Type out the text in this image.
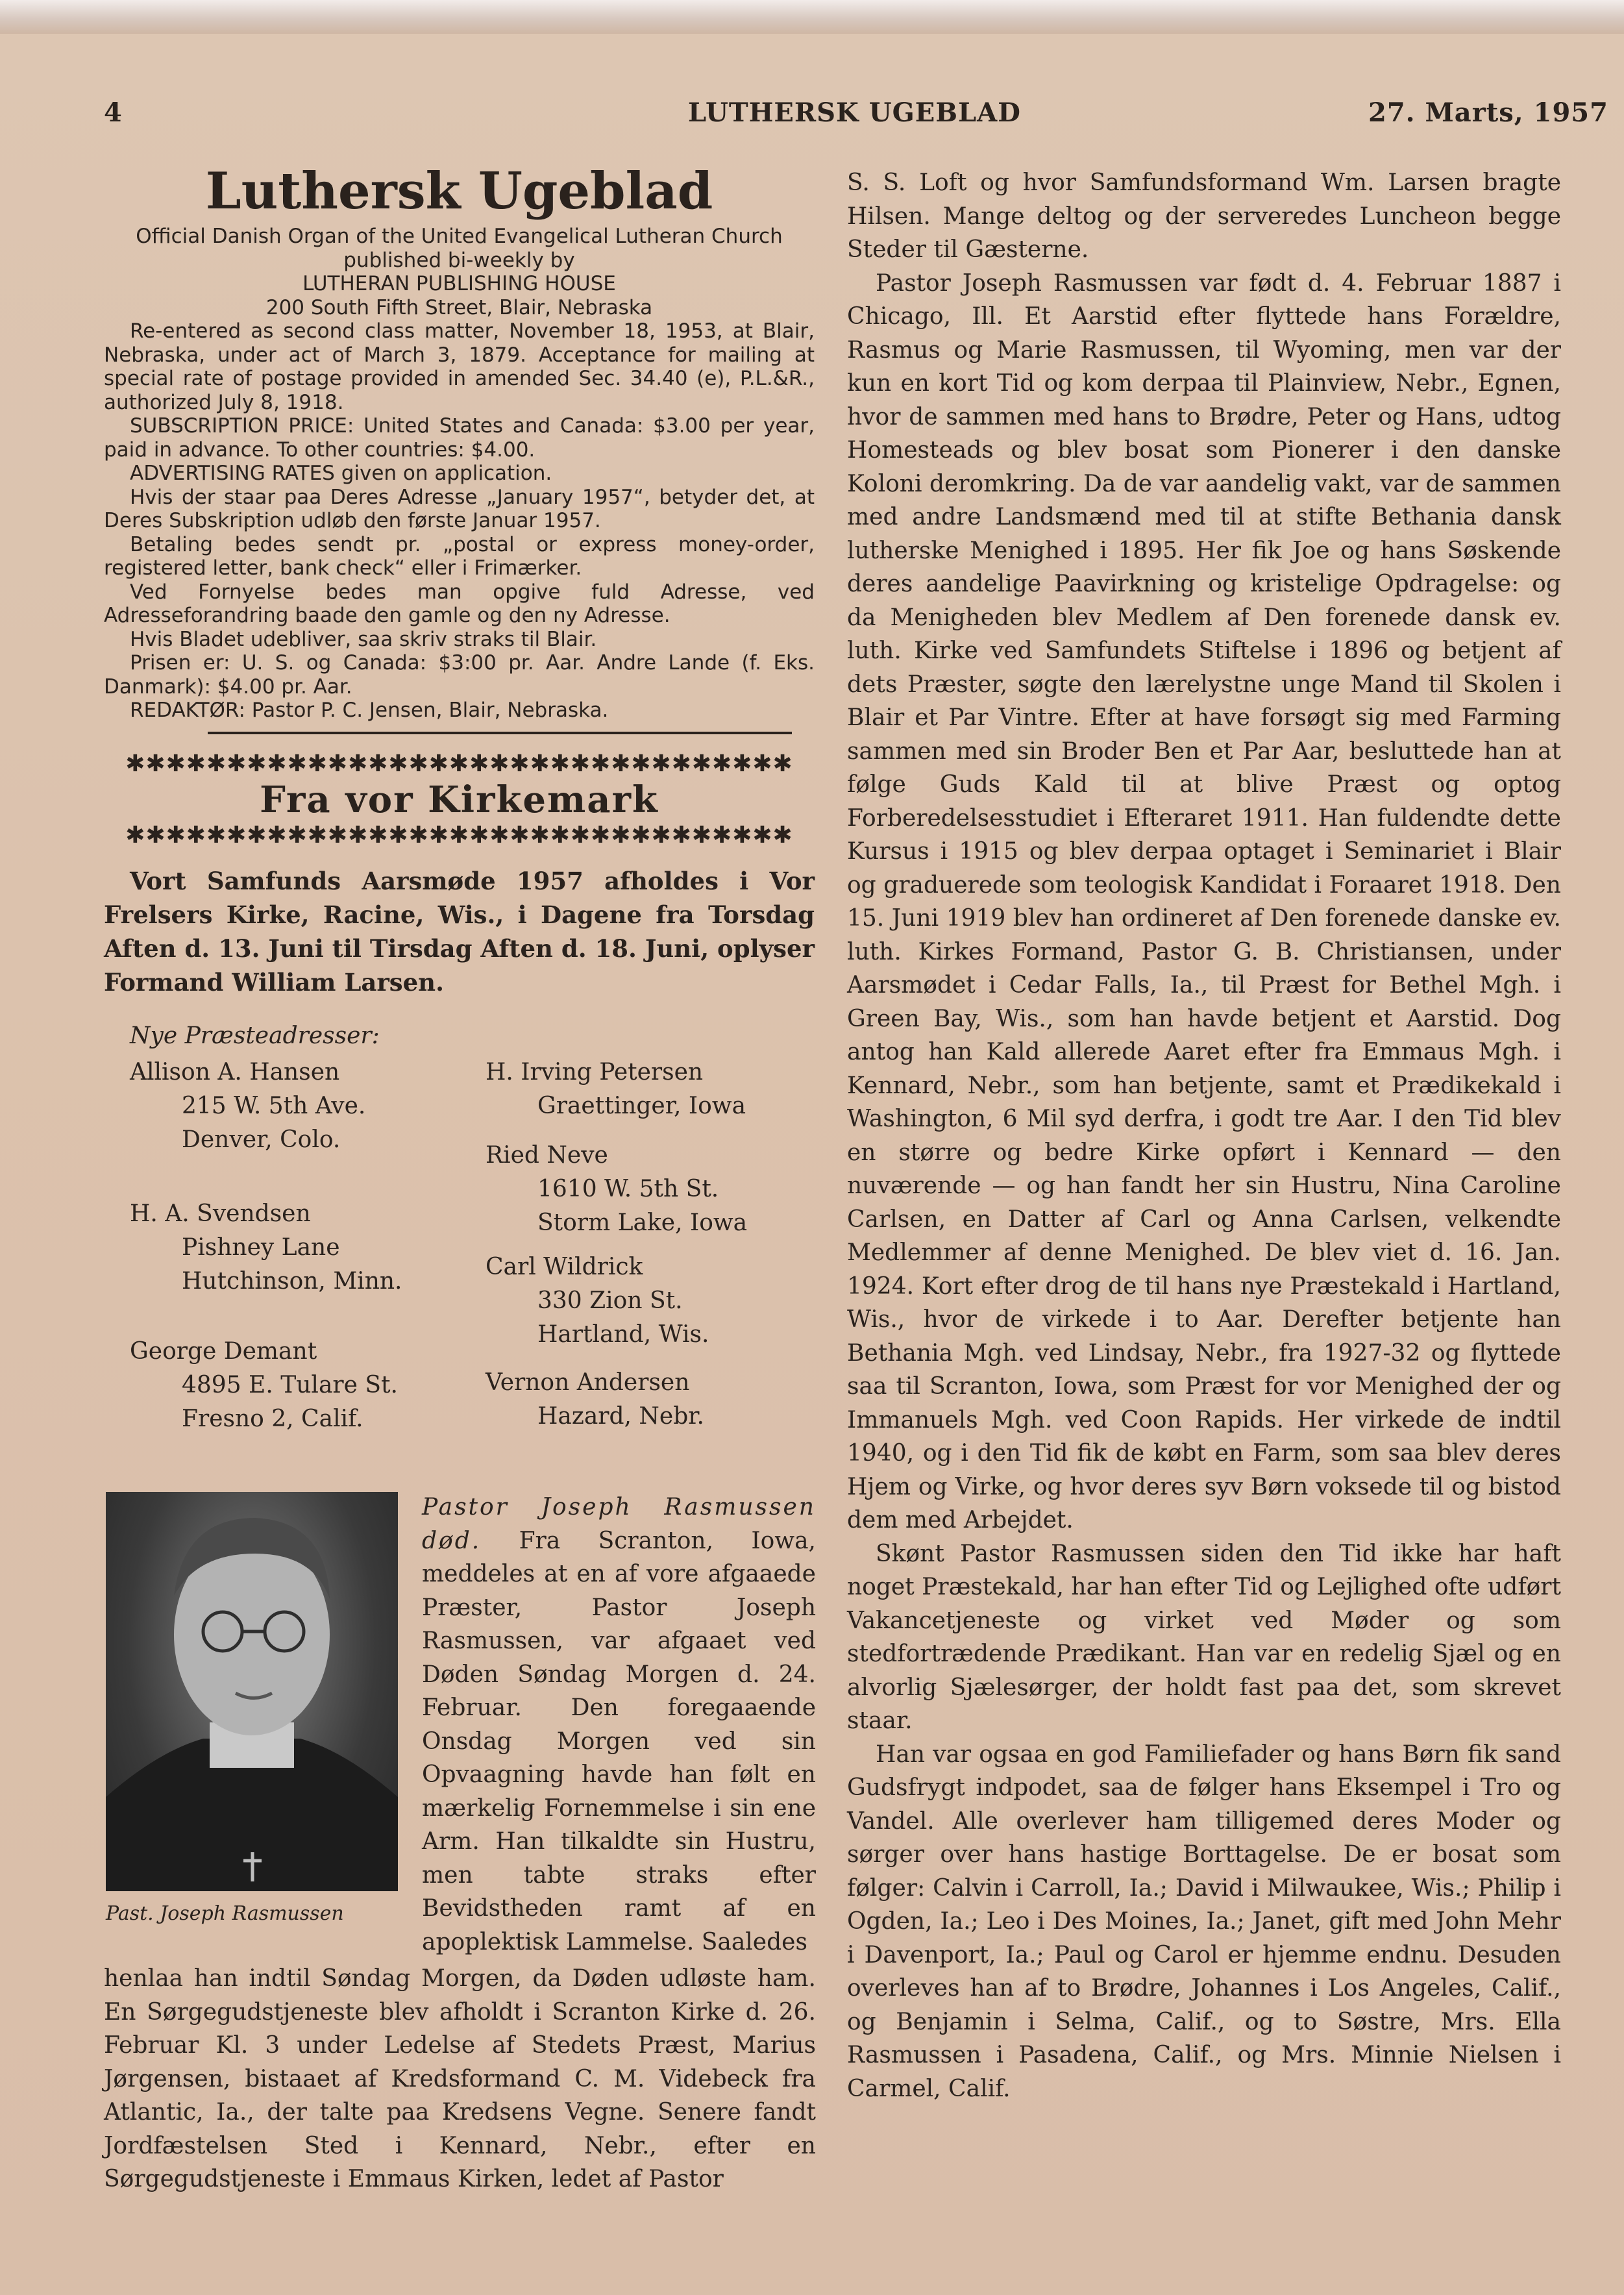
4	LUTHERSK UGEBLAD	27. Marts, 1957
Luthersk Ugeblad
Official Danish Organ of the United Evangelical Lutheran Church published bi-weekly by
LUTHERAN PUBLISHING HOUSE
200 South Fifth Street, Blair, Nebraska
Re-entered as second class matter, November 18, 1953, at Blair, Nebraska, under act of March 3, 1879. Acceptance for mailing at special rate of postage provided in amended Sec. 34.40 (e), P.L.&R., authorized July 8, 1918.
SUBSCRIPTION PRICE: United States and Canada: $3.00 per year, paid in advance. To other countries: $4.00.
ADVERTISING RATES given on application.
Hvis der staar paa Deres Adresse „January 1957“, betyder det, at Deres Subskription udløb den første Januar 1957.
Betaling bedes sendt pr. „postal or express money-order, registered letter, bank check“ eller i Frimærker.
Ved Fornyelse bedes man opgive fuld Adresse, ved Adresseforandring baade den gamle og den ny Adresse.
Hvis Bladet udebliver, saa skriv straks til Blair.
Prisen er: U. S. og Canada: $3:00 pr. Aar. Andre Lande (f. Eks. Danmark): $4.00 pr. Aar.
REDAKTØR: Pastor P. C. Jensen, Blair, Nebraska.
✱✱✱✱✱✱✱✱✱✱✱✱✱✱✱✱✱✱✱✱✱✱✱✱✱✱✱✱✱✱✱✱✱
Fra vor Kirkemark
✱✱✱✱✱✱✱✱✱✱✱✱✱✱✱✱✱✱✱✱✱✱✱✱✱✱✱✱✱✱✱✱✱
Vort Samfunds Aarsmøde 1957 afholdes i Vor Frelsers Kirke, Racine, Wis., i Dagene fra Torsdag Aften d. 13. Juni til Tirsdag Aften d. 18. Juni, oplyser Formand William Larsen.
Nye Præsteadresser:
Allison A. Hansen
215 W. 5th Ave.
Denver, Colo.
H. A. Svendsen
Pishney Lane
Hutchinson, Minn.
George Demant
4895 E. Tulare St.
Fresno 2, Calif.
H. Irving Petersen
Graettinger, Iowa
Ried Neve
1610 W. 5th St.
Storm Lake, Iowa
Carl Wildrick
330 Zion St.
Hartland, Wis.
Vernon Andersen
Hazard, Nebr.
Past. Joseph Rasmussen

Pastor Joseph Rasmussen død. Fra Scranton, Iowa, meddeles at en af vore afgaaede Præster, Pastor Joseph Rasmussen, var afgaaet ved Døden Søndag Morgen d. 24. Februar. Den foregaaende Onsdag Morgen ved sin Opvaagning havde han følt en mærkelig Fornemmelse i sin ene Arm. Han tilkaldte sin Hustru, men tabte straks efter Bevidstheden ramt af en apoplektisk Lammelse. Saaledes

henlaa han indtil Søndag Morgen, da Døden udløste ham. En Sørgegudstjeneste blev afholdt i Scranton Kirke d. 26. Februar Kl. 3 under Ledelse af Stedets Præst, Marius Jørgensen, bistaaet af Kredsformand C. M. Videbeck fra Atlantic, Ia., der talte paa Kredsens Vegne. Senere fandt Jordfæstelsen Sted i Kennard, Nebr., efter en Sørgegudstjeneste i Emmaus Kirken, ledet af Pastor

S. S. Loft og hvor Samfundsformand Wm. Larsen bragte Hilsen. Mange deltog og der serveredes Luncheon begge Steder til Gæsterne.

Pastor Joseph Rasmussen var født d. 4. Februar 1887 i Chicago, Ill. Et Aarstid efter flyttede hans Forældre, Rasmus og Marie Rasmussen, til Wyoming, men var der kun en kort Tid og kom derpaa til Plainview, Nebr., Egnen, hvor de sammen med hans to Brødre, Peter og Hans, udtog Homesteads og blev bosat som Pionerer i den danske Koloni deromkring. Da de var aandelig vakt, var de sammen med andre Landsmænd med til at stifte Bethania dansk lutherske Menighed i 1895. Her fik Joe og hans Søskende deres aandelige Paavirkning og kristelige Opdragelse: og da Menigheden blev Medlem af Den forenede dansk ev. luth. Kirke ved Samfundets Stiftelse i 1896 og betjent af dets Præster, søgte den lærelystne unge Mand til Skolen i Blair et Par Vintre. Efter at have forsøgt sig med Farming sammen med sin Broder Ben et Par Aar, besluttede han at følge Guds Kald til at blive Præst og optog Forberedelsesstudiet i Efteraret 1911. Han fuldendte dette Kursus i 1915 og blev derpaa optaget i Seminariet i Blair og graduerede som teologisk Kandidat i Foraaret 1918. Den 15. Juni 1919 blev han ordineret af Den forenede danske ev. luth. Kirkes Formand, Pastor G. B. Christiansen, under Aarsmødet i Cedar Falls, Ia., til Præst for Bethel Mgh. i Green Bay, Wis., som han havde betjent et Aarstid. Dog antog han Kald allerede Aaret efter fra Emmaus Mgh. i Kennard, Nebr., som han betjente, samt et Prædikekald i Washington, 6 Mil syd derfra, i godt tre Aar. I den Tid blev en større og bedre Kirke opført i Kennard — den nuværende — og han fandt her sin Hustru, Nina Caroline Carlsen, en Datter af Carl og Anna Carlsen, velkendte Medlemmer af denne Menighed. De blev viet d. 16. Jan. 1924. Kort efter drog de til hans nye Præstekald i Hartland, Wis., hvor de virkede i to Aar. Derefter betjente han Bethania Mgh. ved Lindsay, Nebr., fra 1927-32 og flyttede saa til Scranton, Iowa, som Præst for vor Menighed der og Immanuels Mgh. ved Coon Rapids. Her virkede de indtil 1940, og i den Tid fik de købt en Farm, som saa blev deres Hjem og Virke, og hvor deres syv Børn voksede til og bistod dem med Arbejdet.

Skønt Pastor Rasmussen siden den Tid ikke har haft noget Præstekald, har han efter Tid og Lejlighed ofte udført Vakancetjeneste og virket ved Møder og som stedfortrædende Prædikant. Han var en redelig Sjæl og en alvorlig Sjælesørger, der holdt fast paa det, som skrevet staar.

Han var ogsaa en god Familiefader og hans Børn fik sand Gudsfrygt indpodet, saa de følger hans Eksempel i Tro og Vandel. Alle overlever ham tilligemed deres Moder og sørger over hans hastige Borttagelse. De er bosat som følger: Calvin i Carroll, Ia.; David i Milwaukee, Wis.; Philip i Ogden, Ia.; Leo i Des Moines, Ia.; Janet, gift med John Mehr i Davenport, Ia.; Paul og Carol er hjemme endnu. Desuden overleves han af to Brødre, Johannes i Los Angeles, Calif., og Benjamin i Selma, Calif., og to Søstre, Mrs. Ella Rasmussen i Pasadena, Calif., og Mrs. Minnie Nielsen i Carmel, Calif.
